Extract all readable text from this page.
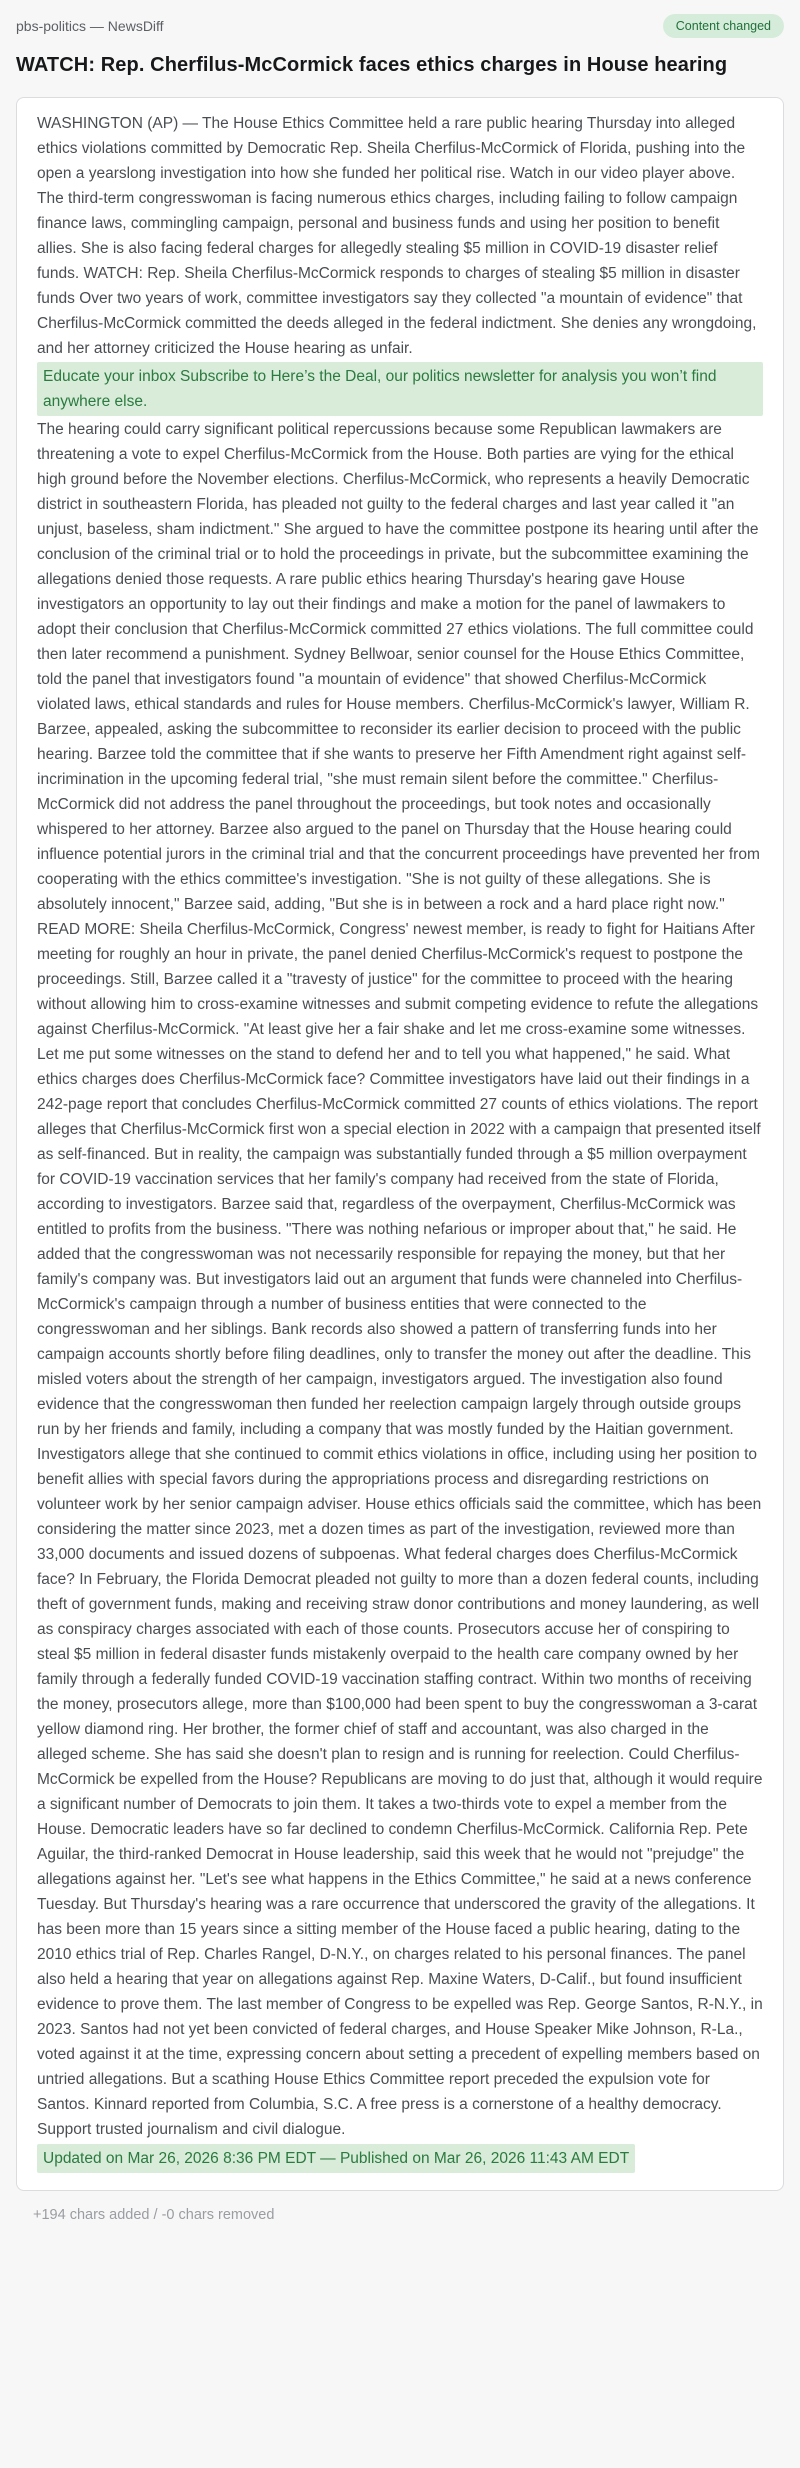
pbs-politics — NewsDiff	Content changed
WATCH: Rep. Cherfilus-McCormick faces ethics charges in House hearing
WASHINGTON (AP) — The House Ethics Committee held a rare public hearing Thursday into alleged ethics violations committed by Democratic Rep. Sheila Cherfilus-McCormick of Florida, pushing into the open a yearslong investigation into how she funded her political rise. Watch in our video player above. The third-term congresswoman is facing numerous ethics charges, including failing to follow campaign finance laws, commingling campaign, personal and business funds and using her position to benefit allies. She is also facing federal charges for allegedly stealing $5 million in COVID-19 disaster relief funds. WATCH: Rep. Sheila Cherfilus-McCormick responds to charges of stealing $5 million in disaster funds Over two years of work, committee investigators say they collected "a mountain of evidence" that Cherfilus-McCormick committed the deeds alleged in the federal indictment. She denies any wrongdoing, and her attorney criticized the House hearing as unfair.
Educate your inbox Subscribe to Here’s the Deal, our politics newsletter for analysis you won’t find anywhere else.
The hearing could carry significant political repercussions because some Republican lawmakers are threatening a vote to expel Cherfilus-McCormick from the House. Both parties are vying for the ethical high ground before the November elections. Cherfilus-McCormick, who represents a heavily Democratic district in southeastern Florida, has pleaded not guilty to the federal charges and last year called it "an unjust, baseless, sham indictment." She argued to have the committee postpone its hearing until after the conclusion of the criminal trial or to hold the proceedings in private, but the subcommittee examining the allegations denied those requests. A rare public ethics hearing Thursday's hearing gave House investigators an opportunity to lay out their findings and make a motion for the panel of lawmakers to adopt their conclusion that Cherfilus-McCormick committed 27 ethics violations. The full committee could then later recommend a punishment. Sydney Bellwoar, senior counsel for the House Ethics Committee, told the panel that investigators found "a mountain of evidence" that showed Cherfilus-McCormick violated laws, ethical standards and rules for House members. Cherfilus-McCormick's lawyer, William R. Barzee, appealed, asking the subcommittee to reconsider its earlier decision to proceed with the public hearing. Barzee told the committee that if she wants to preserve her Fifth Amendment right against self-incrimination in the upcoming federal trial, "she must remain silent before the committee." Cherfilus-McCormick did not address the panel throughout the proceedings, but took notes and occasionally whispered to her attorney. Barzee also argued to the panel on Thursday that the House hearing could influence potential jurors in the criminal trial and that the concurrent proceedings have prevented her from cooperating with the ethics committee's investigation. "She is not guilty of these allegations. She is absolutely innocent," Barzee said, adding, "But she is in between a rock and a hard place right now." READ MORE: Sheila Cherfilus-McCormick, Congress' newest member, is ready to fight for Haitians After meeting for roughly an hour in private, the panel denied Cherfilus-McCormick's request to postpone the proceedings. Still, Barzee called it a "travesty of justice" for the committee to proceed with the hearing without allowing him to cross-examine witnesses and submit competing evidence to refute the allegations against Cherfilus-McCormick. "At least give her a fair shake and let me cross-examine some witnesses. Let me put some witnesses on the stand to defend her and to tell you what happened," he said. What ethics charges does Cherfilus-McCormick face? Committee investigators have laid out their findings in a 242-page report that concludes Cherfilus-McCormick committed 27 counts of ethics violations. The report alleges that Cherfilus-McCormick first won a special election in 2022 with a campaign that presented itself as self-financed. But in reality, the campaign was substantially funded through a $5 million overpayment for COVID-19 vaccination services that her family's company had received from the state of Florida, according to investigators. Barzee said that, regardless of the overpayment, Cherfilus-McCormick was entitled to profits from the business. "There was nothing nefarious or improper about that," he said. He added that the congresswoman was not necessarily responsible for repaying the money, but that her family's company was. But investigators laid out an argument that funds were channeled into Cherfilus-McCormick's campaign through a number of business entities that were connected to the congresswoman and her siblings. Bank records also showed a pattern of transferring funds into her campaign accounts shortly before filing deadlines, only to transfer the money out after the deadline. This misled voters about the strength of her campaign, investigators argued. The investigation also found evidence that the congresswoman then funded her reelection campaign largely through outside groups run by her friends and family, including a company that was mostly funded by the Haitian government. Investigators allege that she continued to commit ethics violations in office, including using her position to benefit allies with special favors during the appropriations process and disregarding restrictions on volunteer work by her senior campaign adviser. House ethics officials said the committee, which has been considering the matter since 2023, met a dozen times as part of the investigation, reviewed more than 33,000 documents and issued dozens of subpoenas. What federal charges does Cherfilus-McCormick face? In February, the Florida Democrat pleaded not guilty to more than a dozen federal counts, including theft of government funds, making and receiving straw donor contributions and money laundering, as well as conspiracy charges associated with each of those counts. Prosecutors accuse her of conspiring to steal $5 million in federal disaster funds mistakenly overpaid to the health care company owned by her family through a federally funded COVID-19 vaccination staffing contract. Within two months of receiving the money, prosecutors allege, more than $100,000 had been spent to buy the congresswoman a 3-carat yellow diamond ring. Her brother, the former chief of staff and accountant, was also charged in the alleged scheme. She has said she doesn't plan to resign and is running for reelection. Could Cherfilus-McCormick be expelled from the House? Republicans are moving to do just that, although it would require a significant number of Democrats to join them. It takes a two-thirds vote to expel a member from the House. Democratic leaders have so far declined to condemn Cherfilus-McCormick. California Rep. Pete Aguilar, the third-ranked Democrat in House leadership, said this week that he would not "prejudge" the allegations against her. "Let's see what happens in the Ethics Committee," he said at a news conference Tuesday. But Thursday's hearing was a rare occurrence that underscored the gravity of the allegations. It has been more than 15 years since a sitting member of the House faced a public hearing, dating to the 2010 ethics trial of Rep. Charles Rangel, D-N.Y., on charges related to his personal finances. The panel also held a hearing that year on allegations against Rep. Maxine Waters, D-Calif., but found insufficient evidence to prove them. The last member of Congress to be expelled was Rep. George Santos, R-N.Y., in 2023. Santos had not yet been convicted of federal charges, and House Speaker Mike Johnson, R-La., voted against it at the time, expressing concern about setting a precedent of expelling members based on untried allegations. But a scathing House Ethics Committee report preceded the expulsion vote for Santos. Kinnard reported from Columbia, S.C. A free press is a cornerstone of a healthy democracy. Support trusted journalism and civil dialogue. Updated on Mar 26, 2026 8:36 PM EDT — Published on Mar 26, 2026 11:43 AM EDT
+194 chars added / -0 chars removed
